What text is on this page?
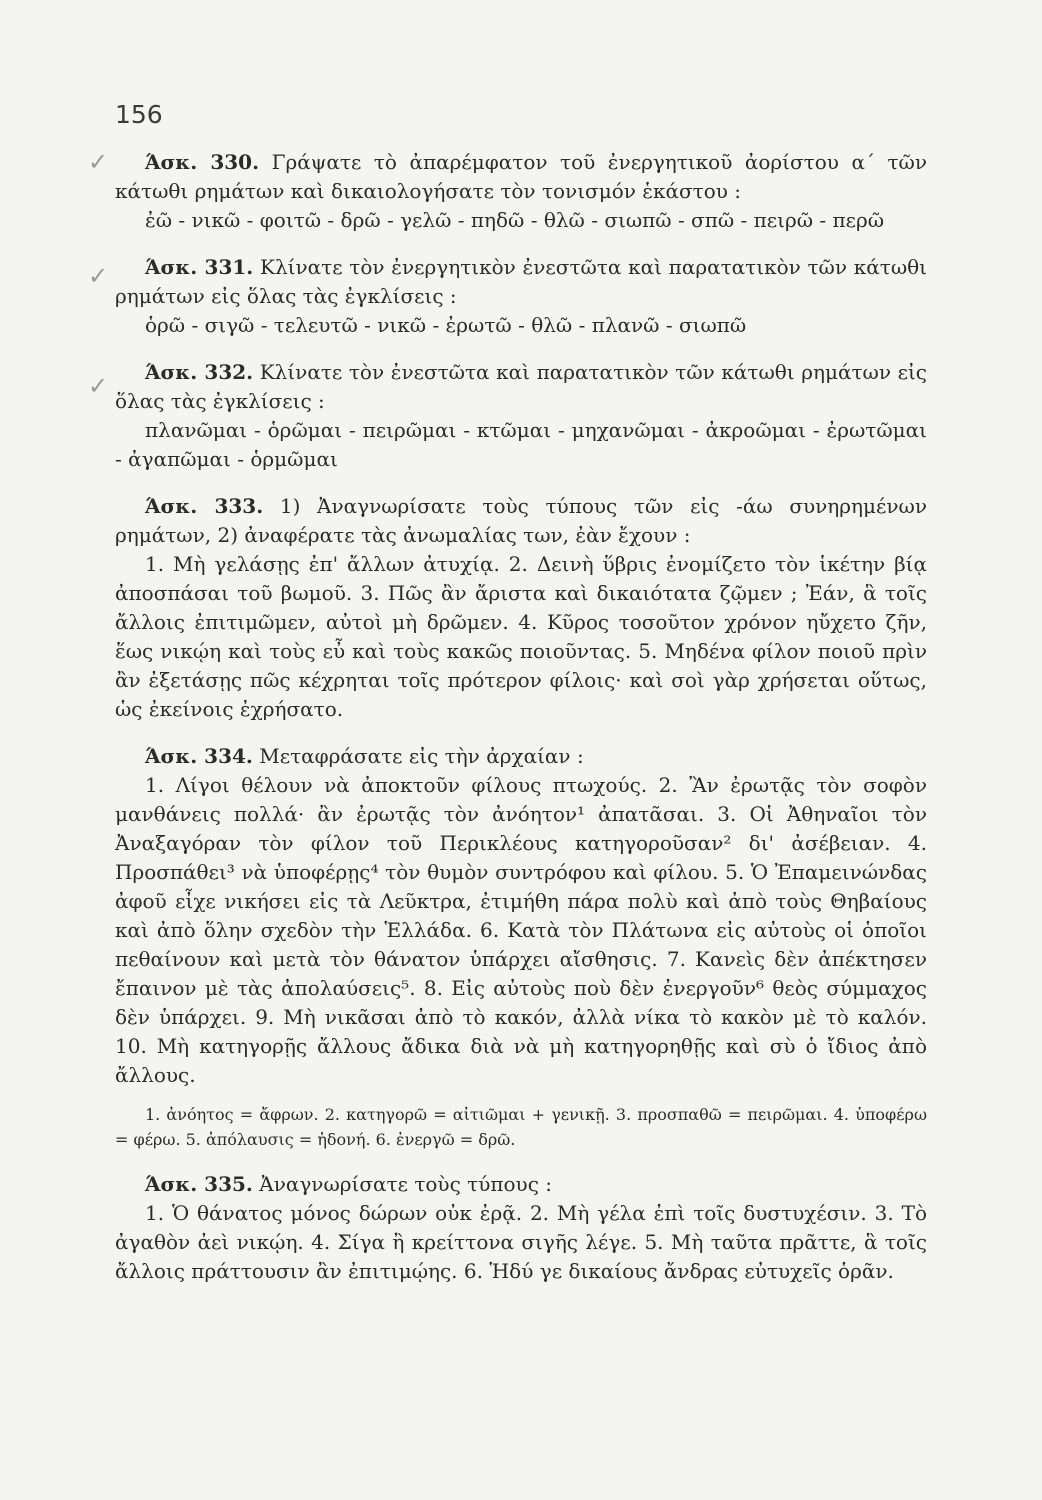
156
✓
✓
✓

Άσκ. 330. Γράψατε τὸ ἀπαρέμφατον τοῦ ἐνεργητικοῦ ἀορίστου α΄ τῶν κάτωθι ρημάτων καὶ δικαιολογήσατε τὸν τονισμόν ἑκάστου :

ἐῶ - νικῶ - φοιτῶ - δρῶ - γελῶ - πηδῶ - θλῶ - σιωπῶ - σπῶ - πειρῶ - περῶ

Άσκ. 331. Κλίνατε τὸν ἐνεργητικὸν ἐνεστῶτα καὶ παρατατικὸν τῶν κάτωθι ρημάτων εἰς ὅλας τὰς ἐγκλίσεις :

ὁρῶ - σιγῶ - τελευτῶ - νικῶ - ἐρωτῶ - θλῶ - πλανῶ - σιωπῶ

Άσκ. 332. Κλίνατε τὸν ἐνεστῶτα καὶ παρατατικὸν τῶν κάτωθι ρημάτων εἰς ὅλας τὰς ἐγκλίσεις :

πλανῶμαι - ὁρῶμαι - πειρῶμαι - κτῶμαι - μηχανῶμαι - ἀκροῶμαι - ἐρωτῶμαι - ἀγαπῶμαι - ὁρμῶμαι

Άσκ. 333. 1) Ἀναγνωρίσατε τοὺς τύπους τῶν εἰς -άω συνηρημένων ρημάτων, 2) ἀναφέρατε τὰς ἀνωμαλίας των, ἐὰν ἔχουν :

1. Μὴ γελάσῃς ἐπ' ἄλλων ἀτυχίᾳ. 2. Δεινὴ ὕβρις ἐνομίζετο τὸν ἱκέτην βίᾳ ἀποσπάσαι τοῦ βωμοῦ. 3. Πῶς ἂν ἄριστα καὶ δικαιότατα ζῷμεν ; Ἐάν, ἃ τοῖς ἄλλοις ἐπιτιμῶμεν, αὐτοὶ μὴ δρῶμεν. 4. Κῦρος τοσοῦτον χρόνον ηὔχετο ζῆν, ἕως νικῴη καὶ τοὺς εὖ καὶ τοὺς κακῶς ποιοῦντας. 5. Μηδένα φίλον ποιοῦ πρὶν ἂν ἐξετάσῃς πῶς κέχρηται τοῖς πρότερον φίλοις· καὶ σοὶ γὰρ χρήσεται οὕτως, ὡς ἐκείνοις ἐχρήσατο.

Άσκ. 334. Μεταφράσατε εἰς τὴν ἀρχαίαν :

1. Λίγοι θέλουν νὰ ἀποκτοῦν φίλους πτωχούς. 2. Ἂν ἐρωτᾷς τὸν σοφὸν μανθάνεις πολλά· ἂν ἐρωτᾷς τὸν ἀνόητον¹ ἀπατᾶσαι. 3. Οἱ Ἀθηναῖοι τὸν Ἀναξαγόραν τὸν φίλον τοῦ Περικλέους κατηγοροῦσαν² δι' ἀσέβειαν. 4. Προσπάθει³ νὰ ὑποφέρῃς⁴ τὸν θυμὸν συντρόφου καὶ φίλου. 5. Ὁ Ἐπαμεινώνδας ἀφοῦ εἶχε νικήσει εἰς τὰ Λεῦκτρα, ἐτιμήθη πάρα πολὺ καὶ ἀπὸ τοὺς Θηβαίους καὶ ἀπὸ ὅλην σχεδὸν τὴν Ἑλλάδα. 6. Κατὰ τὸν Πλάτωνα εἰς αὐτοὺς οἱ ὁποῖοι πεθαίνουν καὶ μετὰ τὸν θάνατον ὑπάρχει αἴσθησις. 7. Κανεὶς δὲν ἀπέκτησεν ἔπαινον μὲ τὰς ἀπολαύσεις⁵. 8. Εἰς αὐτοὺς ποὺ δὲν ἐνεργοῦν⁶ θεὸς σύμμαχος δὲν ὑπάρχει. 9. Μὴ νικᾶσαι ἀπὸ τὸ κακόν, ἀλλὰ νίκα τὸ κακὸν μὲ τὸ καλόν. 10. Μὴ κατηγορῇς ἄλλους ἄδικα διὰ νὰ μὴ κατηγορηθῇς καὶ σὺ ὁ ἴδιος ἀπὸ ἄλλους.

1. ἀνόητος = ἄφρων. 2. κατηγορῶ = αἰτιῶμαι + γενικῇ. 3. προσπαθῶ = πειρῶμαι. 4. ὑποφέρω = φέρω. 5. ἀπόλαυσις = ἡδονή. 6. ἐνεργῶ = δρῶ.

Άσκ. 335. Ἀναγνωρίσατε τοὺς τύπους :

1. Ὁ θάνατος μόνος δώρων οὐκ ἐρᾷ. 2. Μὴ γέλα ἐπὶ τοῖς δυστυχέσιν. 3. Τὸ ἀγαθὸν ἀεὶ νικῴη. 4. Σίγα ἢ κρείττονα σιγῆς λέγε. 5. Μὴ ταῦτα πρᾶττε, ἃ τοῖς ἄλλοις πράττουσιν ἂν ἐπιτιμῴης. 6. Ἡδύ γε δικαίους ἄνδρας εὐτυχεῖς ὁρᾶν.
